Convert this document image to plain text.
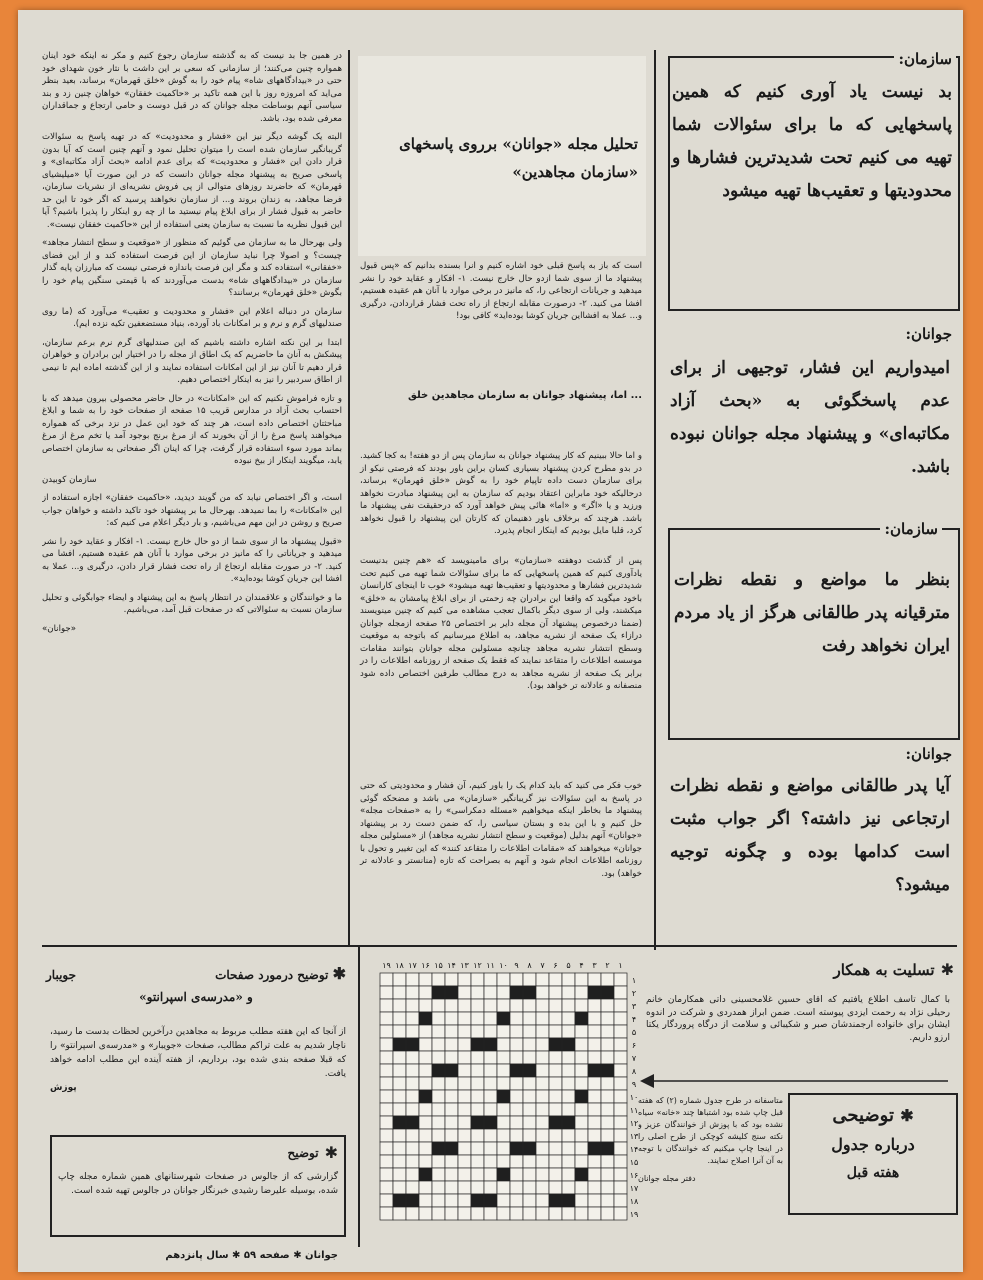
سازمان:
بد نیست یاد آوری کنیم که همین پاسخهایی که ما برای سئوالات شما تهیه می کنیم تحت شدیدترین فشارها و محدودیتها و تعقیب‌ها تهیه میشود
جوانان:
امیدواریم این فشار، توجیهی از برای عدم پاسخگوئی به «بحث آزاد مکاتبه‌ای» و پیشنهاد مجله جوانان نبوده باشد.
سازمان:
بنظر ما مواضع و نقطه نظرات مترقیانه پدر طالقانی هرگز از یاد مردم ایران نخواهد رفت
جوانان:
آیا پدر طالقانی مواضع و نقطه نظرات ارتجاعی نیز داشته؟ اگر جواب مثبت است کدامها بوده و چگونه توجیه میشود؟
تحلیل مجله «جوانان» برروی پاسخهای «سازمان مجاهدین»
است که باز به پاسخ قبلی خود اشاره کنیم و انرا بسنده بدانیم که «پس قبول پیشنهاد ما از سوی شما ازدو حال خارج نیست. ۱- افکار و عقاید خود را نشر میدهید و جریانات ارتجاعی را، که مانیز در برخی موارد با آنان هم عقیده هستیم، افشا می کنید. ۲- درصورت مقابله ارتجاع از راه تحت فشار قراردادن، درگیری و... عملا به افشااین جریان کوشا بوده‌اید» کافی بود!
... اما، پیشنهاد جوانان به سازمان مجاهدین خلق
و اما حالا ببینیم که کار پیشنهاد جوانان به سازمان پس از دو هفته! به کجا کشید. در بدو مطرح کردن پیشنهاد بسیاری کسان براین باور بودند که فرصتی نیکو از برای سازمان دست داده تاپیام خود را به گوش «خلق قهرمان» برساند، درحالیکه خود مابراین اعتقاد بودیم که سازمان به این پیشنهاد مبادرت نخواهد ورزید و یا «اگر» و «اما» هائی پیش خواهد آورد که درحقیقت نفی پیشنهاد ما باشد. هرچند که برخلاف باور ذهنیمان که کارتان این پیشنهاد را قبول نخواهد کرد، قلبا مایل بودیم که اینکار انجام پذیرد.
پس از گذشت دوهفته «سازمان» برای مامینویسد که «هم چنین بدنیست یادآوری کنیم که همین پاسخهایی که ما برای سئوالات شما تهیه می کنیم تحت شدیدترین فشارها و محدودیتها و تعقیب‌ها تهیه میشود» خوب تا اینجای کارانسان باخود میگوید که واقعا این برادران چه زحمتی از برای ابلاغ پیامشان به «خلق» میکشند، ولی از سوی دیگر باکمال تعجب مشاهده می کنیم که چنین مینویسند (ضمنا درخصوص پیشنهاد آن مجله دایر بر اختصاص ۲۵ صفحه ازمجله جوانان درازاء یک صفحه از نشریه مجاهد، به اطلاع میرسانیم که باتوجه به موقعیت وسطح انتشار نشریه مجاهد چنانچه مسئولین مجله جوانان بتوانند مقامات موسسه اطلاعات را متقاعد نمایند که فقط یک صفحه از روزنامه اطلاعات را در برابر یک صفحه از نشریه مجاهد به درج مطالب طرفین اختصاص داده شود منصفانه و عادلانه تر خواهد بود).
خوب فکر می کنید که باید کدام یک را باور کنیم، آن فشار و محدودیتی که حتی در پاسخ به این سئوالات نیز گریبانگیر «سازمان» می باشد و مضحکه گوئی پیشنهاد ما بخاطر اینکه میخواهیم «مسئله دمکراسی» را به «صفحات مجله» حل کنیم و با این بده و بستان سیاسی را، که ضمن دست رد بر پیشنهاد «جوانان» آنهم بدلیل (موقعیت و سطح انتشار نشریه مجاهد) از «مسئولین مجله جوانان» میخواهند که «مقامات اطلاعات را متقاعد کنند» که این تغییر و تحول با روزنامه اطلاعات انجام شود و آنهم به بصراحت که تازه (منانستر و عادلانه تر خواهد) بود.

در همین جا بد نیست که به گذشته سازمان رجوع کنیم و مکر نه اینکه خود اینان همواره چنین می‌کنند؛ از سازمانی که سعی بر این داشت با نثار خون شهدای خود حتی در «بیدادگاههای شاه» پیام خود را به گوش «خلق قهرمان» برساند، بعید بنظر می‌اید که امروزه روز با این همه تاکید بر «حاکمیت خفقان» خواهان چنین زد و بند سیاسی آنهم بوساطت مجله جوانان که در قبل دوست و حامی ارتجاع و جماقداران معرفی شده بود، باشد.

البته یک گوشه دیگر نیز این «فشار و محدودیت» که در تهیه پاسخ به سئوالات گریبانگیر سازمان شده است را میتوان تحلیل نمود و آنهم چنین است که آیا بدون قرار دادن این «فشار و محدودیت» که برای عدم ادامه «بحث آزاد مکاتبه‌ای» و پاسخی صریح به پیشنهاد مجله جوانان دانست که در این صورت آیا «میلیشیای قهرمان» که حاضرند روزهای متوالی از پی فروش نشریه‌ای از نشریات سازمان، فرضا مجاهد، به زندان بروند و... از سازمان نخواهند پرسید که اگر خود تا این حد حاضر به قبول فشار از برای ابلاغ پیام نیستید ما از چه رو اینکار را پذیرا باشیم؟ آیا این قبول نظریه ما نسبت به سازمان یعنی استفاده از این «حاکمیت خفقان نیست».

ولی بهرحال ما به سازمان می گوئیم که منظور از «موقعیت و سطح انتشار مجاهد» چیست؟ و اصولا چرا نباید سازمان از این فرصت استفاده کند و از این فضای «خفقانی» استفاده کند و مگر این فرصت باندازه فرصتی نیست که مبارزان پایه گذار سازمان در «بیدادگاههای شاه» بدست می‌آوردند که با قیمتی سنگین پیام خود را بگوش «خلق قهرمان» برسانند؟

سازمان در دنباله اعلام این «فشار و محدودیت و تعقیب» می‌آورد که (ما روی صندلیهای گرم و نرم و بر امکانات باد آورده، بنیاد مستضعفین تکیه نزده ایم).

ابتدا بر این نکته اشاره داشته باشیم که این صندلیهای گرم نرم برعم سازمان، پیشکش به آنان ما حاضریم که یک اطاق از مجله را در اختیار این برادران و خواهران قرار دهیم تا آنان نیز از این امکانات استفاده نمایند و از این گذشته اماده ایم تا نیمی از اطاق سردبیر را نیز به اینکار اختصاص دهیم.

و تازه فراموش نکنیم که این «امکانات» در حال حاضر محصولی بیرون میدهد که با احتساب بحث آزاد در مدارس قریب ۱۵ صفحه از صفحات خود را به شما و ابلاغ مباحثتان اختصاص داده است، هر چند که خود این عمل در نزد برخی که همواره میخواهند پاسخ مرغ را از آن بخورند که از مرغ برنج بوجود آمد یا تخم مرغ از مرغ بماند مورد سوء استفاده قرار گرفت، چرا که اینان اگر صفحاتی به سازمان اختصاص یابد، میگویند اینکار از بیخ نبوده

سازمان کوبیدن

است، و اگر اختصاص نیابد که من گویند دیدید، «حاکمیت خفقان» اجازه استفاده از این «امکانات» را بما نمیدهد. بهرحال ما بر پیشنهاد خود تاکید داشته و خواهان جواب صریح و روشن در این مهم می‌باشیم، و بار دیگر اعلام می کنیم که:

«قبول پیشنهاد ما از سوی شما از دو حال خارج نیست. ۱- افکار و عقاید خود را نشر میدهید و جریاناتی را که مانیز در برخی موارد با آنان هم عقیده هستیم، افشا می کنید. ۲- در صورت مقابله ارتجاع از راه تحت فشار قرار دادن، درگیری و... عملا به افشا این جریان کوشا بوده‌اید».

ما و خوانندگان و علاقمندان در انتظار پاسخ به این پیشنهاد و ایضاء جوابگوئی و تحلیل سازمان نسبت به سئوالاتی که در صفحات قبل آمد، می‌باشیم.

«جوانان»

✱
تسلیت به همکار
با کمال تاسف اطلاع یافتیم که اقای حسین غلامحسینی داتی همکارمان خانم رحیلی نژاد به رحمت ایزدی پیوسته است. ضمن ابراز همدردی و شرکت در اندوه ایشان برای خانواده ارجمندشان صبر و شکیبائی و سلامت از درگاه پروردگار یکتا ارزو داریم.
✱ توضیحی
درباره جدول
هفته قبل

متاسفانه در طرح جدول شماره (۲) که هفته قبل چاپ شده بود اشتباها چند «خانه» سیاه نشده بود که با پوزش از خوانندگان عزیز و نکته سنج کلیشه کوچکی از طرح اصلی را در اینجا چاپ میکنیم که خوانندگان با توجه به آن آنرا اصلاح نمایند.

دفتر مجله جوانان

۱
۲
۳
۴
۵
۶
۷
۸
۹
۱۰
۱۱
۱۲
۱۳
۱۴
۱۵
۱۶
۱۷
۱۸
۱۹
۱
۲
۳
۴
۵
۶
۷
۸
۹
۱۰
۱۱
۱۲
۱۳
۱۴
۱۵
۱۶
۱۷
۱۸
۱۹
✱ توضیح درمورد صفحات
جویبار
و «مدرسه‌ی اسپرانتو»
از آنجا که این هفته مطلب مربوط به مجاهدین درآخرین لحظات بدست ما رسید، ناچار شدیم به علت تراکم مطالب، صفحات «جویبار» و «مدرسه‌ی اسپرانتو» را که قبلا صفحه بندی شده بود، برداریم، از هفته آینده این مطلب ادامه خواهد یافت.
پوزش
✱
توضیح
گزارشی که از جالوس در صفحات شهرستانهای همین شماره مجله چاپ شده، بوسیله علیرضا رشیدی خبرنگار جوانان در جالوس تهیه شده است.
جوانان ✱ صفحه ۵۹ ✱ سال پانزدهم
